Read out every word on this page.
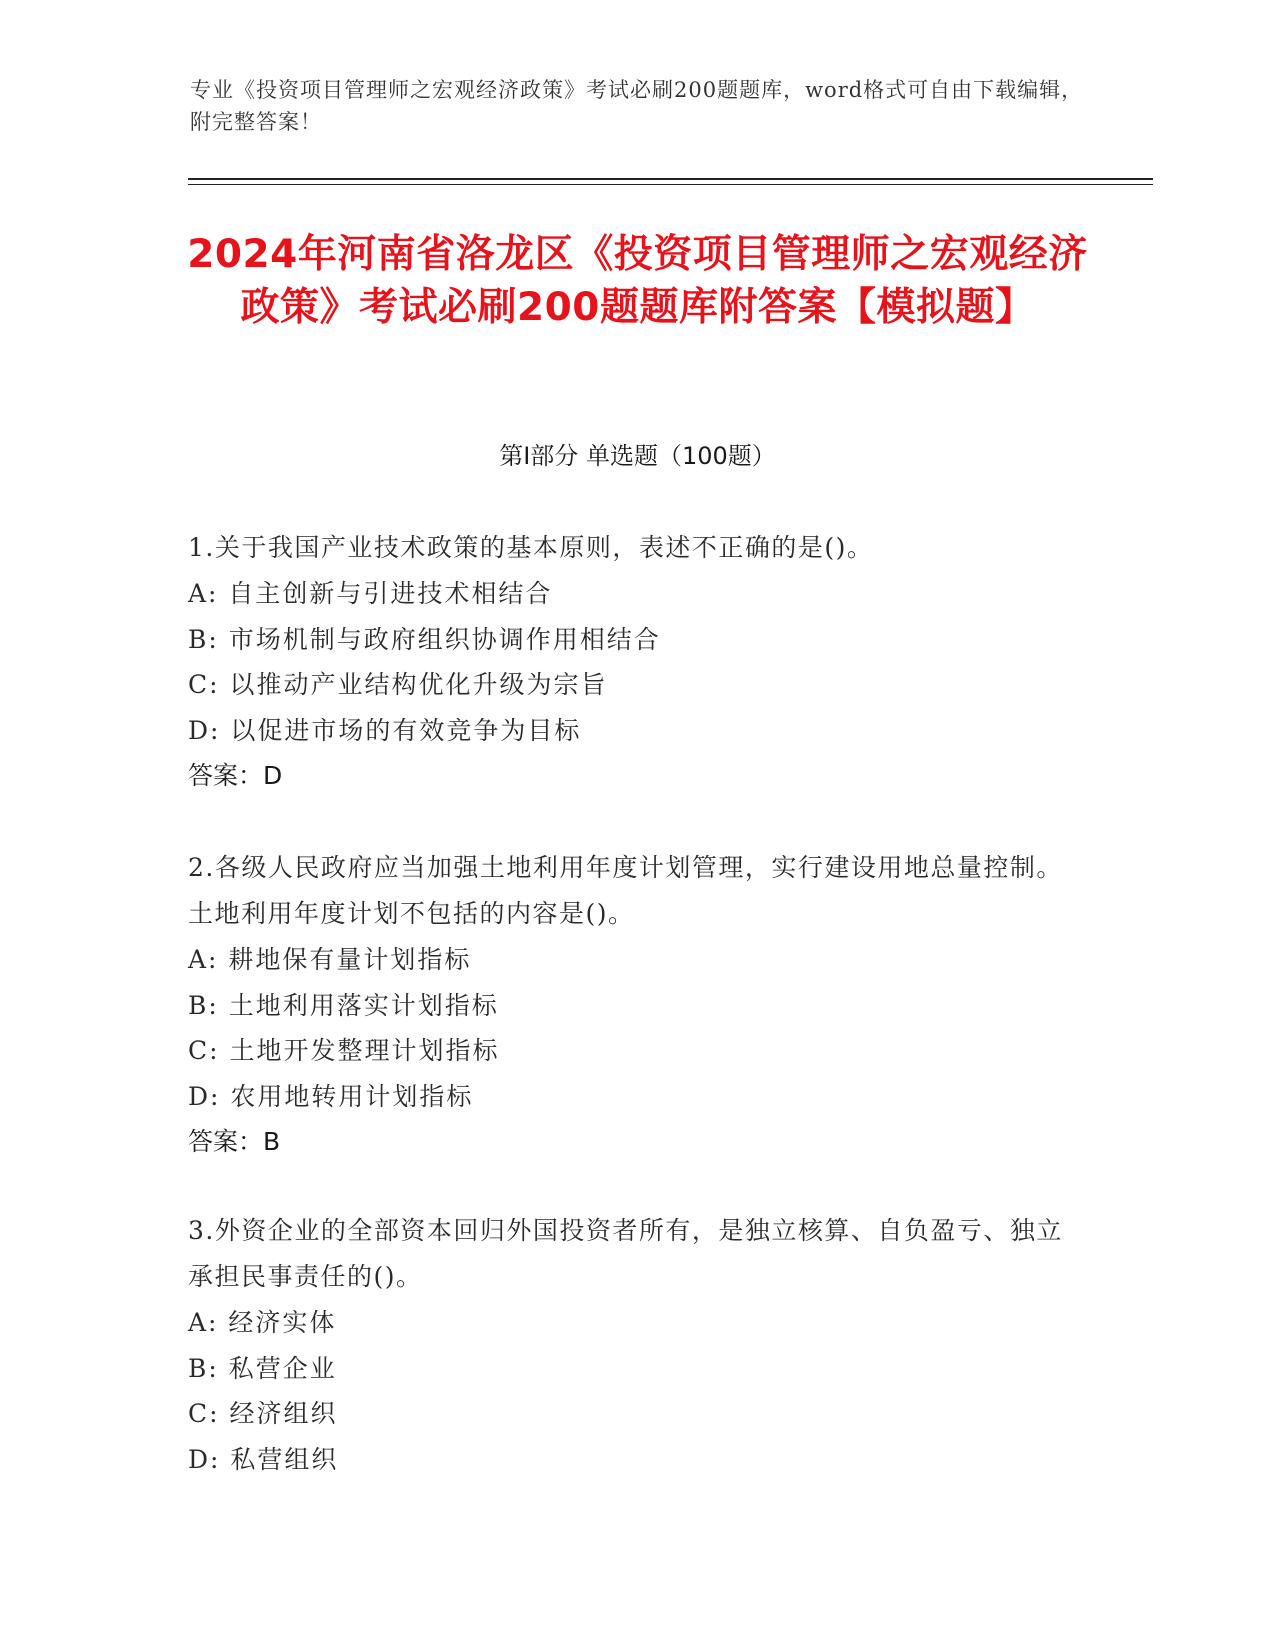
专业《投资项目管理师之宏观经济政策》考试必刷200题题库，word格式可自由下载编辑，附完整答案！
2024年河南省洛龙区《投资项目管理师之宏观经济政策》考试必刷200题题库附答案【模拟题】
第Ⅰ部分 单选题（100题）
1.关于我国产业技术政策的基本原则，表述不正确的是()。
A: 自主创新与引进技术相结合
B: 市场机制与政府组织协调作用相结合
C: 以推动产业结构优化升级为宗旨
D: 以促进市场的有效竞争为目标
答案：D
2.各级人民政府应当加强土地利用年度计划管理，实行建设用地总量控制。土地利用年度计划不包括的内容是()。
A: 耕地保有量计划指标
B: 土地利用落实计划指标
C: 土地开发整理计划指标
D: 农用地转用计划指标
答案：B
3.外资企业的全部资本回归外国投资者所有，是独立核算、自负盈亏、独立承担民事责任的()。
A: 经济实体
B: 私营企业
C: 经济组织
D: 私营组织
